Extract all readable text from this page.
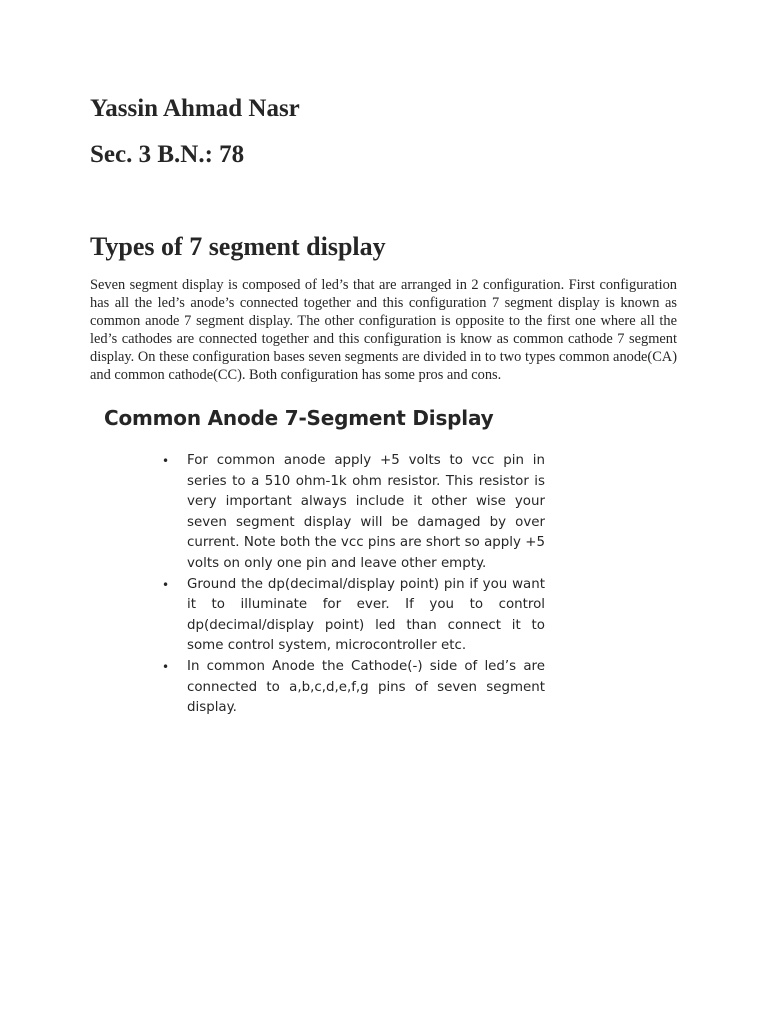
Yassin Ahmad Nasr
Sec. 3 B.N.: 78
Types of 7 segment display

Seven segment display is composed of led’s that are arranged in 2 configuration. First configuration has all the led’s anode’s connected together and this configuration 7 segment display is known as common anode 7 segment display. The other configuration is opposite to the first one where all the led’s cathodes are connected together and this configuration is know as common cathode 7 segment display. On these configuration bases seven segments are divided in to two types common anode(CA) and common cathode(CC). Both configuration has some pros and cons.

Common Anode 7-Segment Display
• For common anode apply +5 volts to vcc pin in series to a 510 ohm-1k ohm resistor. This resistor is very important always include it other wise your seven segment display will be damaged by over current. Note both the vcc pins are short so apply +5 volts on only one pin and leave other empty.
• Ground the dp(decimal/display point) pin if you want it to illuminate for ever. If you to control dp(decimal/display point) led than connect it to some control system, microcontroller etc.
• In common Anode the Cathode(-) side of led’s are connected to a,b,c,d,e,f,g pins of seven segment display.
